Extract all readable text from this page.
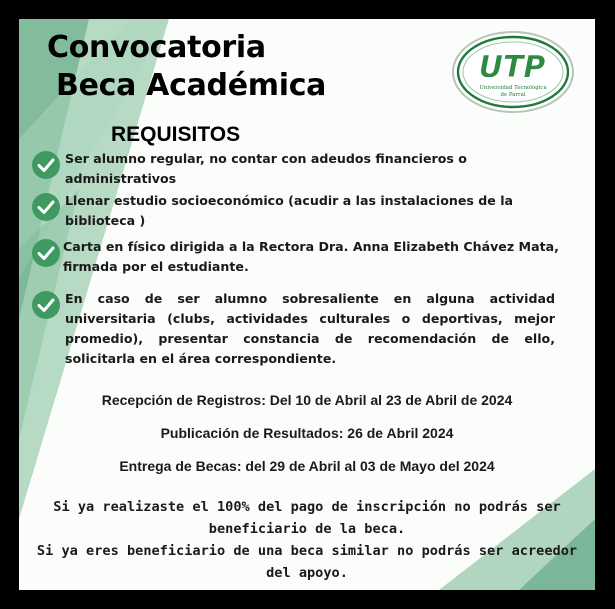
Convocatoria
Beca Académica
UTP
Universidad Tecnológica
de Parral
REQUISITOS
Ser alumno regular, no contar con adeudos financieros o
administrativos
Llenar estudio socioeconómico (acudir a las instalaciones de la
biblioteca )
Carta en físico dirigida a la Rectora Dra. Anna Elizabeth Chávez Mata,
firmada por el estudiante.
En caso de ser alumno sobresaliente en alguna actividad
universitaria (clubs, actividades culturales o deportivas, mejor
promedio), presentar constancia de recomendación de ello,
solicitarla en el área correspondiente.
Recepción de Registros: Del 10 de Abril al 23 de Abril de 2024
Publicación de Resultados: 26 de Abril 2024
Entrega de Becas: del 29 de Abril al 03 de Mayo del 2024
Si ya realizaste el 100% del pago de inscripción no podrás ser
beneficiario de la beca.
Si ya eres beneficiario de una beca similar no podrás ser acreedor
del apoyo.
